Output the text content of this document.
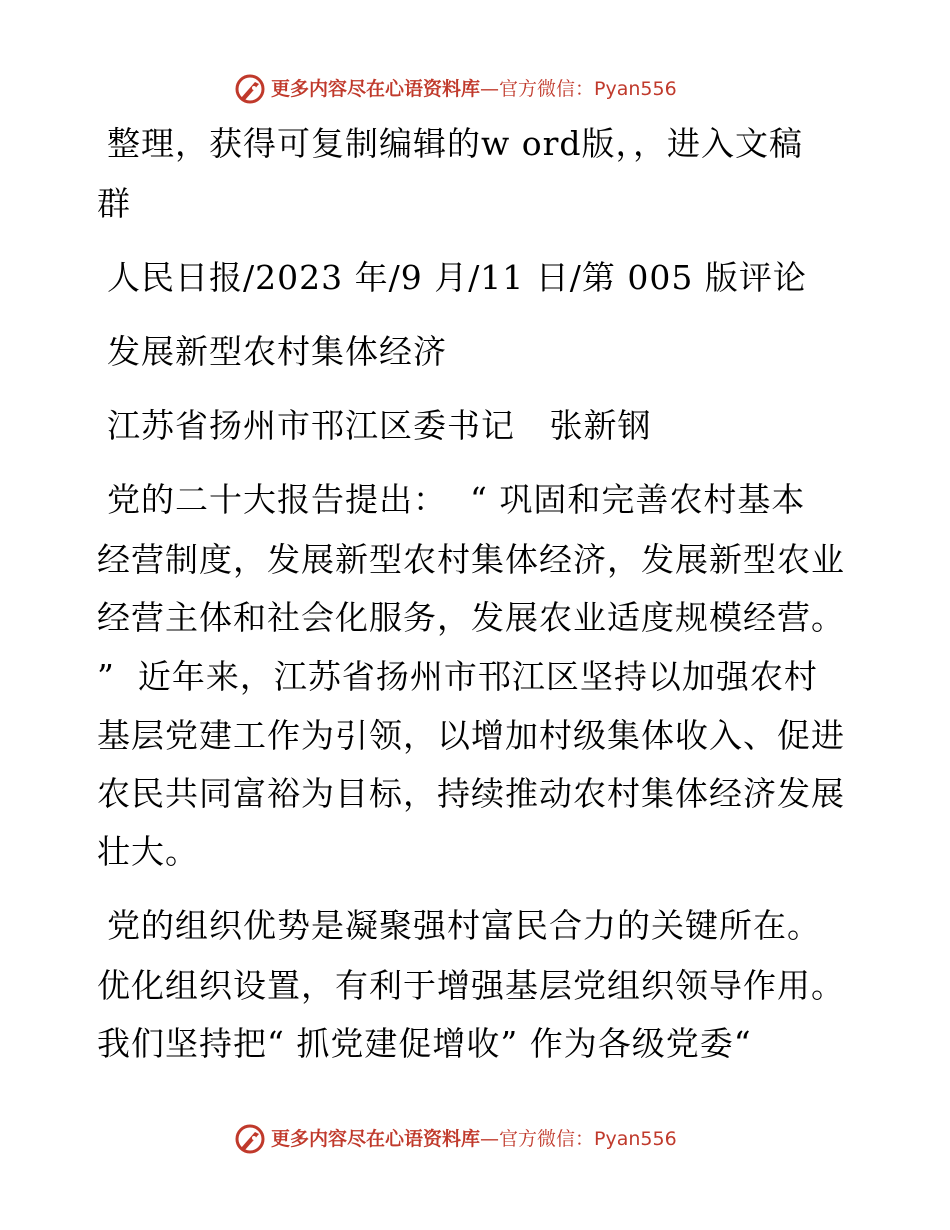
更多内容尽在心语资料库—官方微信：Pyan556
整理，获得可复制编辑的w ord版，，进入文稿
群
人民日报/2023 年/9 月/11 日/第 005 版评论
发展新型农村集体经济
江苏省扬州市邗江区委书记   张新钢
党的二十大报告提出：  “ 巩固和完善农村基本
经营制度，发展新型农村集体经济，发展新型农业
经营主体和社会化服务，发展农业适度规模经营。
”  近年来，江苏省扬州市邗江区坚持以加强农村
基层党建工作为引领，以增加村级集体收入、促进
农民共同富裕为目标，持续推动农村集体经济发展
壮大。
党的组织优势是凝聚强村富民合力的关键所在。
优化组织设置，有利于增强基层党组织领导作用。
我们坚持把“ 抓党建促增收” 作为各级党委“
更多内容尽在心语资料库—官方微信：Pyan556
